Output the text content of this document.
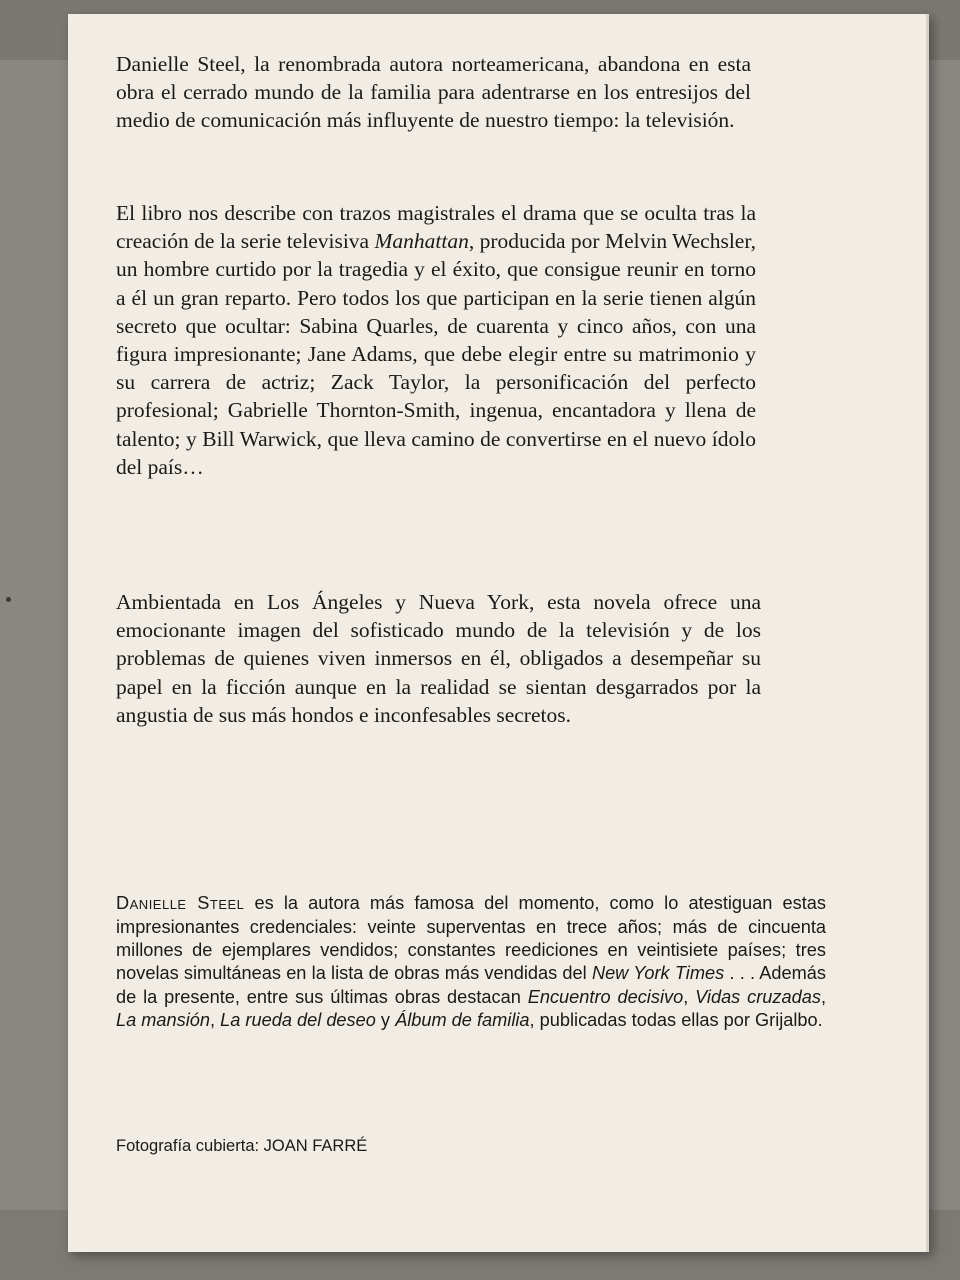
Danielle Steel, la renombrada autora norteamericana, abandona en esta obra el cerrado mundo de la familia para adentrarse en los entresijos del medio de comunicación más influyente de nuestro tiempo: la televisión.

El libro nos describe con trazos magistrales el drama que se oculta tras la creación de la serie televisiva Manhattan, producida por Melvin Wechsler, un hombre curtido por la tragedia y el éxito, que consigue reunir en torno a él un gran reparto. Pero todos los que participan en la serie tienen algún secreto que ocultar: Sabina Quarles, de cuarenta y cinco años, con una figura impresionante; Jane Adams, que debe elegir entre su matrimonio y su carrera de actriz; Zack Taylor, la personificación del perfecto profesional; Gabrielle Thornton-Smith, ingenua, encantadora y llena de talento; y Bill Warwick, que lleva camino de convertirse en el nuevo ídolo del país…

Ambientada en Los Ángeles y Nueva York, esta novela ofrece una emocionante imagen del sofisticado mundo de la televisión y de los problemas de quienes viven inmersos en él, obligados a desempeñar su papel en la ficción aunque en la realidad se sientan desgarrados por la angustia de sus más hondos e inconfesables secretos.

Danielle Steel es la autora más famosa del momento, como lo atestiguan estas impresionantes credenciales: veinte superventas en trece años; más de cincuenta millones de ejemplares vendidos; constantes reediciones en veintisiete países; tres novelas simultáneas en la lista de obras más vendidas del New York Times . . . Además de la presente, entre sus últimas obras destacan Encuentro decisivo, Vidas cruzadas, La mansión, La rueda del deseo y Álbum de familia, publicadas todas ellas por Grijalbo.

Fotografía cubierta: JOAN FARRÉ
